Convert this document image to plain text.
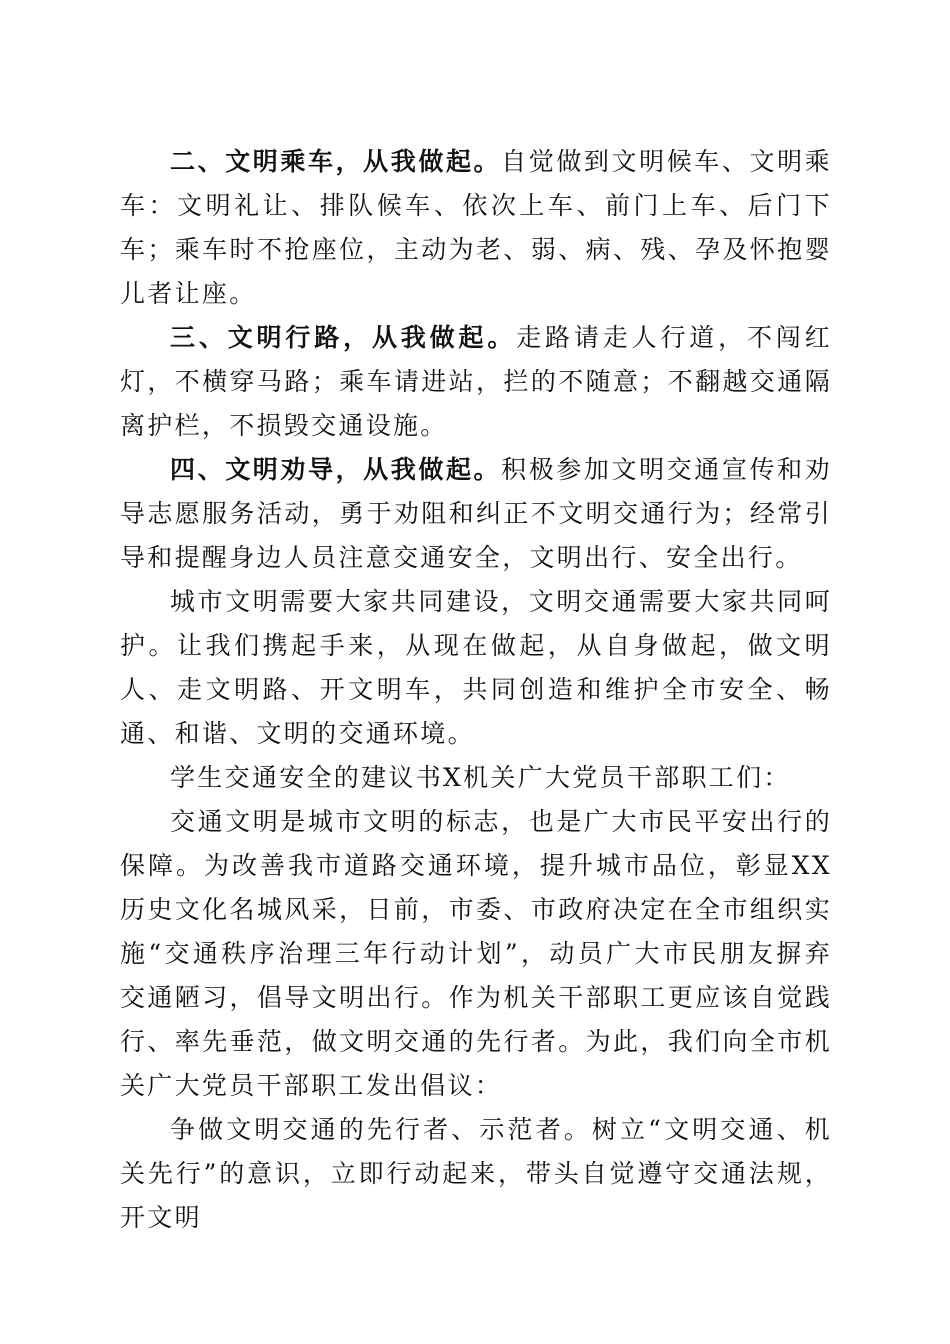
二、文明乘车，从我做起。自觉做到文明候车、文明乘车：文明礼让、排队候车、依次上车、前门上车、后门下车；乘车时不抢座位，主动为老、弱、病、残、孕及怀抱婴儿者让座。

三、文明行路，从我做起。走路请走人行道，不闯红灯，不横穿马路；乘车请进站，拦的不随意；不翻越交通隔离护栏，不损毁交通设施。

四、文明劝导，从我做起。积极参加文明交通宣传和劝导志愿服务活动，勇于劝阻和纠正不文明交通行为；经常引导和提醒身边人员注意交通安全，文明出行、安全出行。

城市文明需要大家共同建设，文明交通需要大家共同呵护。让我们携起手来，从现在做起，从自身做起，做文明人、走文明路、开文明车，共同创造和维护全市安全、畅通、和谐、文明的交通环境。

学生交通安全的建议书X机关广大党员干部职工们：

交通文明是城市文明的标志，也是广大市民平安出行的保障。为改善我市道路交通环境，提升城市品位，彰显XX历史文化名城风采，日前，市委、市政府决定在全市组织实施“交通秩序治理三年行动计划”，动员广大市民朋友摒弃交通陋习，倡导文明出行。作为机关干部职工更应该自觉践行、率先垂范，做文明交通的先行者。为此，我们向全市机关广大党员干部职工发出倡议：

争做文明交通的先行者、示范者。树立“文明交通、机关先行”的意识，立即行动起来，带头自觉遵守交通法规，开文明
